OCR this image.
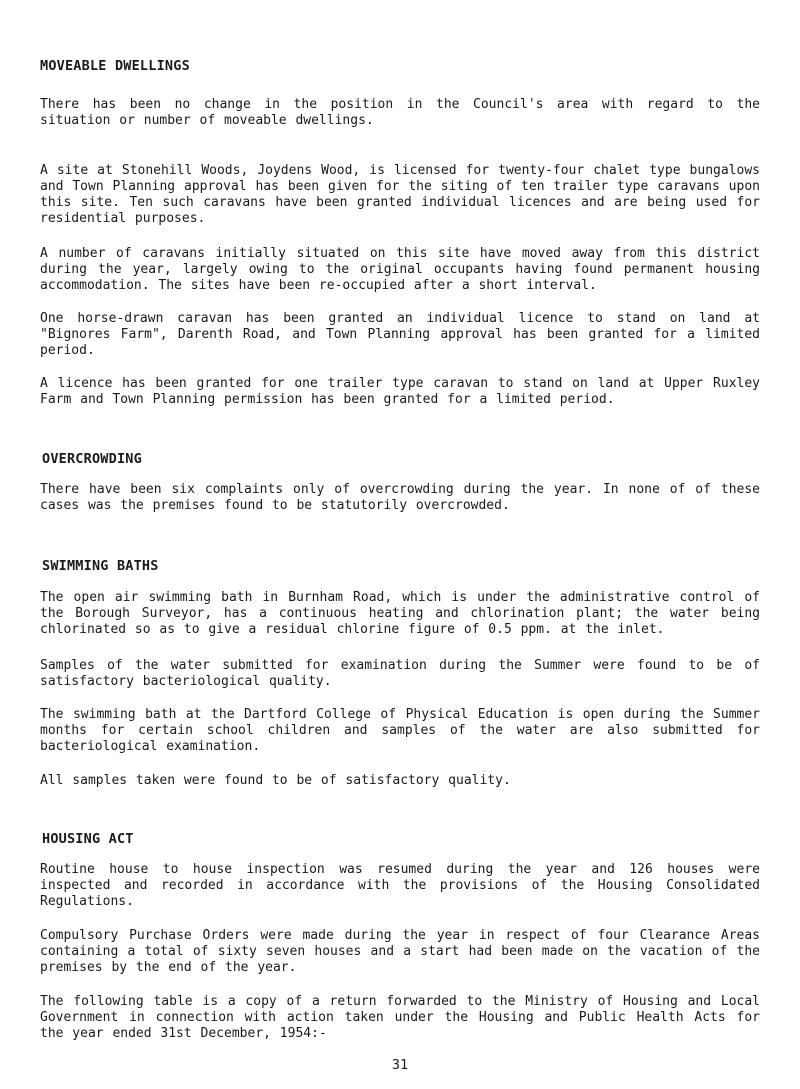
MOVEABLE DWELLINGS

There has been no change in the position in the Council's area with regard to the situation or number of moveable dwellings.

A site at Stonehill Woods, Joydens Wood, is licensed for twenty-four chalet type bungalows and Town Planning approval has been given for the siting of ten trailer type caravans upon this site. Ten such caravans have been granted individual licences and are being used for residential purposes.

A number of caravans initially situated on this site have moved away from this district during the year, largely owing to the original occupants having found permanent housing accommodation. The sites have been re-occupied after a short interval.

One horse-drawn caravan has been granted an individual licence to stand on land at "Bignores Farm", Darenth Road, and Town Planning approval has been granted for a limited period.

A licence has been granted for one trailer type caravan to stand on land at Upper Ruxley Farm and Town Planning permission has been granted for a limited period.

OVERCROWDING

There have been six complaints only of overcrowding during the year. In none of of these cases was the premises found to be statutorily overcrowded.

SWIMMING BATHS

The open air swimming bath in Burnham Road, which is under the administrative control of the Borough Surveyor, has a continuous heating and chlorination plant; the water being chlorinated so as to give a residual chlorine figure of 0.5 ppm. at the inlet.

Samples of the water submitted for examination during the Summer were found to be of satisfactory bacteriological quality.

The swimming bath at the Dartford College of Physical Education is open during the Summer months for certain school children and samples of the water are also submitted for bacteriological examination.

All samples taken were found to be of satisfactory quality.

HOUSING ACT

Routine house to house inspection was resumed during the year and 126 houses were inspected and recorded in accordance with the provisions of the Housing Consolidated Regulations.

Compulsory Purchase Orders were made during the year in respect of four Clearance Areas containing a total of sixty seven houses and a start had been made on the vacation of the premises by the end of the year.

The following table is a copy of a return forwarded to the Ministry of Housing and Local Government in connection with action taken under the Housing and Public Health Acts for the year ended 31st December, 1954:-

31
